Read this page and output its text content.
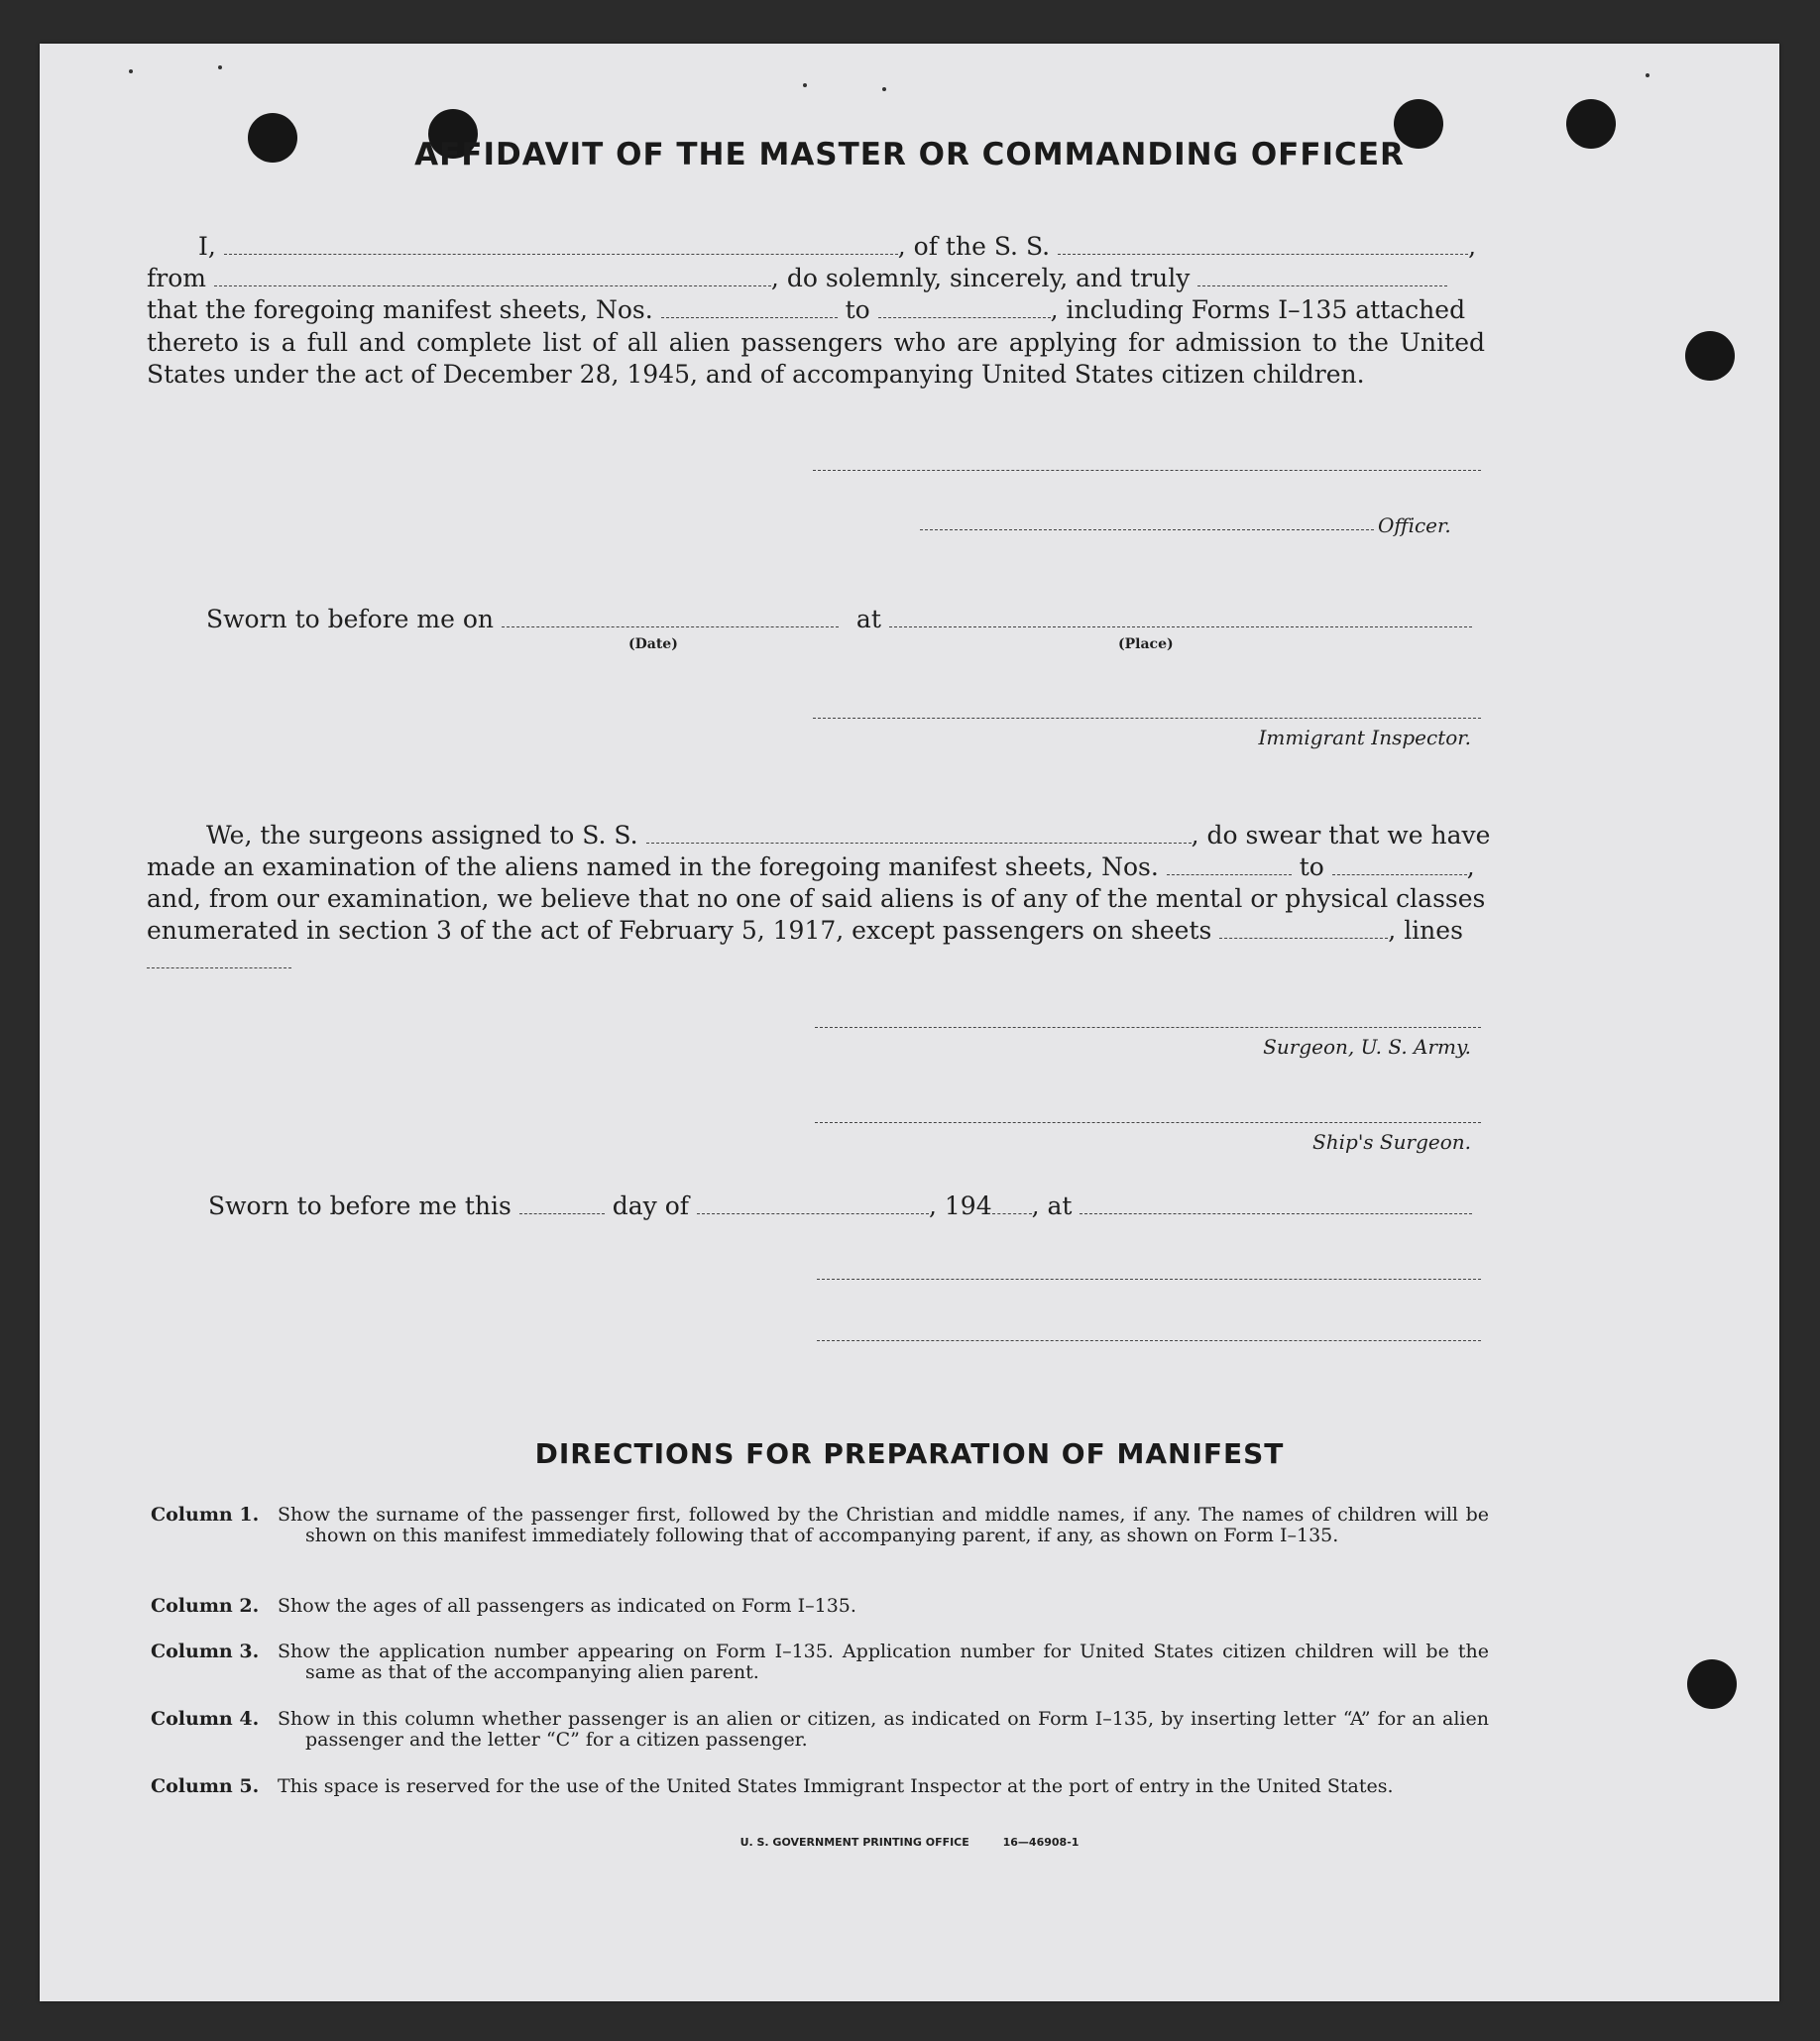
AFFIDAVIT OF THE MASTER OR COMMANDING OFFICER
I,	, of the S. S.	,
from	, do solemnly, sincerely, and truly
that the foregoing manifest sheets, Nos.	to	, including Forms I–135 attached
thereto is a full and complete list of all alien passengers who are applying for admission to the United States under the act of December 28, 1945, and of accompanying United States citizen children.
Officer.
Sworn to before me on	at
(Date)	(Place)
Immigrant Inspector.
We, the surgeons assigned to S. S.	, do swear that we have
made an examination of the aliens named in the foregoing manifest sheets, Nos.	to	,
and, from our examination, we believe that no one of said aliens is of any of the mental or physical classes
enumerated in section 3 of the act of February 5, 1917, except passengers on sheets	, lines
Surgeon, U. S. Army.
Ship's Surgeon.
Sworn to before me this	day of	, 194 , at
DIRECTIONS FOR PREPARATION OF MANIFEST
Column 1. Show the surname of the passenger first, followed by the Christian and middle names, if any. The names of children will be shown on this manifest immediately following that of accompanying parent, if any, as shown on Form I–135.
Column 2. Show the ages of all passengers as indicated on Form I–135.
Column 3. Show the application number appearing on Form I–135. Application number for United States citizen children will be the same as that of the accompanying alien parent.
Column 4. Show in this column whether passenger is an alien or citizen, as indicated on Form I–135, by inserting letter “A” for an alien passenger and the letter “C” for a citizen passenger.
Column 5. This space is reserved for the use of the United States Immigrant Inspector at the port of entry in the United States.
U. S. GOVERNMENT PRINTING OFFICE	16—46908-1
